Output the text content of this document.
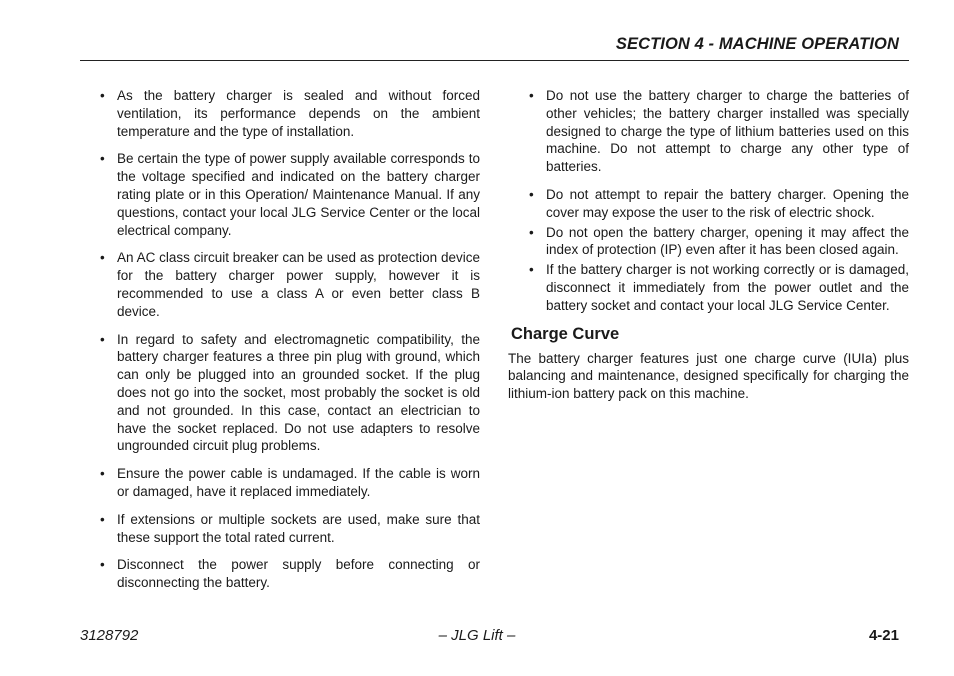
SECTION 4 - MACHINE OPERATION
• As the battery charger is sealed and without forced ventilation, its performance depends on the ambient temperature and the type of installation.
• Be certain the type of power supply available corresponds to the voltage specified and indicated on the battery charger rating plate or in this Operation/ Maintenance Manual. If any questions, contact your local JLG Service Center or the local electrical company.
• An AC class circuit breaker can be used as protection device for the battery charger power supply, however it is recommended to use a class A or even better class B device.
• In regard to safety and electromagnetic compatibility, the battery charger features a three pin plug with ground, which can only be plugged into an grounded socket. If the plug does not go into the socket, most probably the socket is old and not grounded. In this case, contact an electrician to have the socket replaced. Do not use adapters to resolve ungrounded circuit plug problems.
• Ensure the power cable is undamaged. If the cable is worn or damaged, have it replaced immediately.
• If extensions or multiple sockets are used, make sure that these support the total rated current.
• Disconnect the power supply before connecting or disconnecting the battery.
• Do not use the battery charger to charge the batteries of other vehicles; the battery charger installed was specially designed to charge the type of lithium batteries used on this machine. Do not attempt to charge any other type of batteries.
• Do not attempt to repair the battery charger. Opening the cover may expose the user to the risk of electric shock.
• Do not open the battery charger, opening it may affect the index of protection (IP) even after it has been closed again.
• If the battery charger is not working correctly or is damaged, disconnect it immediately from the power outlet and the battery socket and contact your local JLG Service Center.
Charge Curve

The battery charger features just one charge curve (IUIa) plus balancing and maintenance, designed specifically for charging the lithium-ion battery pack on this machine.

3128792	– JLG Lift –	4-21
